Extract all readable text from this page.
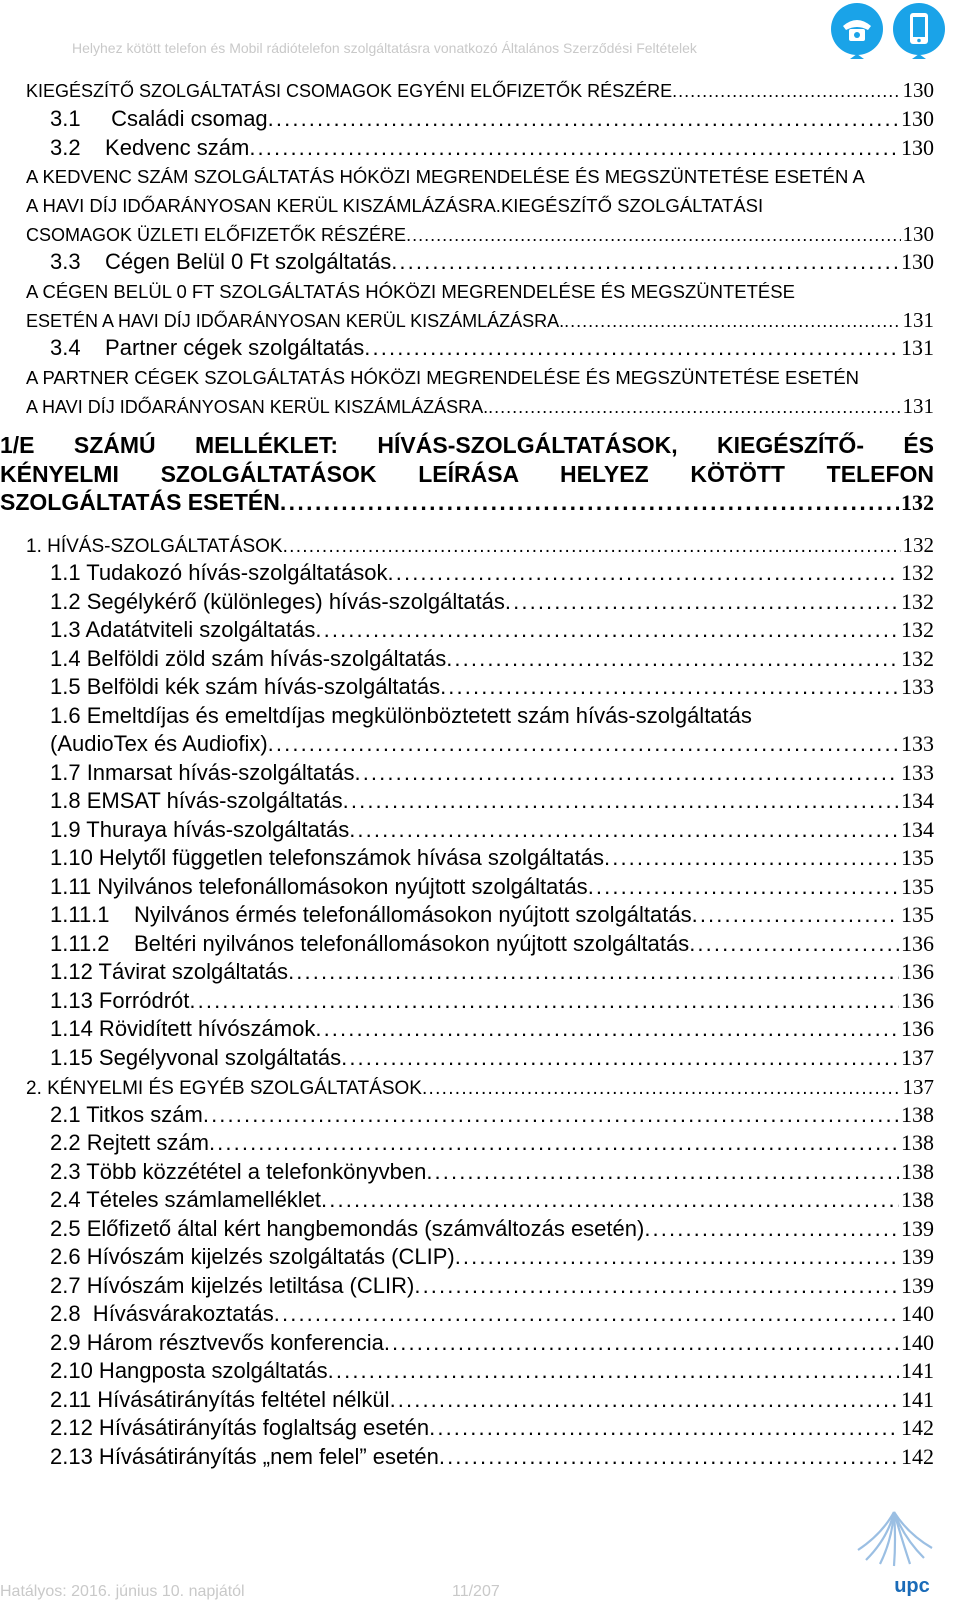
Helyhez kötött telefon és Mobil rádiótelefon szolgáltatásra vonatkozó Általános Szerződési Feltételek
KIEGÉSZÍTŐ SZOLGÁLTATÁSI CSOMAGOK EGYÉNI ELŐFIZETŐK RÉSZÉRE . . .	130
3.1     Családi csomag . . .	130
3.2    Kedvenc szám . . .	130
A KEDVENC SZÁM SZOLGÁLTATÁS HÓKÖZI MEGRENDELÉSE ÉS MEGSZÜNTETÉSE ESETÉN A
A HAVI DÍJ IDŐARÁNYOSAN KERÜL KISZÁMLÁZÁSRA.KIEGÉSZÍTŐ SZOLGÁLTATÁSI
CSOMAGOK ÜZLETI ELŐFIZETŐK RÉSZÉRE . . .	130
3.3    Cégen Belül 0 Ft szolgáltatás . . .	130
A CÉGEN BELÜL 0 FT SZOLGÁLTATÁS HÓKÖZI MEGRENDELÉSE ÉS MEGSZÜNTETÉSE
ESETÉN A HAVI DÍJ IDŐARÁNYOSAN KERÜL KISZÁMLÁZÁSRA. . . .	131
3.4    Partner cégek szolgáltatás . . .	131
A PARTNER CÉGEK SZOLGÁLTATÁS HÓKÖZI MEGRENDELÉSE ÉS MEGSZÜNTETÉSE ESETÉN
A HAVI DÍJ IDŐARÁNYOSAN KERÜL KISZÁMLÁZÁSRA. . . .	131
1/E SZÁMÚ MELLÉKLET: HÍVÁS-SZOLGÁLTATÁSOK, KIEGÉSZÍTŐ- ÉS
KÉNYELMI SZOLGÁLTATÁSOK LEÍRÁSA HELYEZ KÖTÖTT TELEFON
SZOLGÁLTATÁS ESETÉN . . .	132
1. HÍVÁS-SZOLGÁLTATÁSOK . . .	132
1.1 Tudakozó hívás-szolgáltatások . . .	132
1.2 Segélykérő (különleges) hívás-szolgáltatás . . .	132
1.3 Adatátviteli szolgáltatás . . .	132
1.4 Belföldi zöld szám hívás-szolgáltatás . . .	132
1.5 Belföldi kék szám hívás-szolgáltatás . . .	133
1.6 Emeltdíjas és emeltdíjas megkülönböztetett szám hívás-szolgáltatás
(AudioTex és Audiofix) . . .	133
1.7 Inmarsat hívás-szolgáltatás . . .	133
1.8 EMSAT hívás-szolgáltatás . . .	134
1.9 Thuraya hívás-szolgáltatás . . .	134
1.10 Helytől független telefonszámok hívása szolgáltatás . . .	135
1.11 Nyilvános telefonállomásokon nyújtott szolgáltatás . . .	135
1.11.1    Nyilvános érmés telefonállomásokon nyújtott szolgáltatás . . .	135
1.11.2    Beltéri nyilvános telefonállomásokon nyújtott szolgáltatás . . .	136
1.12 Távirat szolgáltatás . . .	136
1.13 Forródrót . . .	136
1.14 Rövidített hívószámok . . .	136
1.15 Segélyvonal szolgáltatás . . .	137
2. KÉNYELMI ÉS EGYÉB SZOLGÁLTATÁSOK . . .	137
2.1 Titkos szám . . .	138
2.2 Rejtett szám . . .	138
2.3 Több közzététel a telefonkönyvben . . .	138
2.4 Tételes számlamelléklet . . .	138
2.5 Előfizető által kért hangbemondás (számváltozás esetén) . . .	139
2.6 Hívószám kijelzés szolgáltatás (CLIP) . . .	139
2.7 Hívószám kijelzés letiltása (CLIR) . . .	139
2.8  Hívásvárakoztatás . . .	140
2.9 Három résztvevős konferencia . . .	140
2.10 Hangposta szolgáltatás . . .	141
2.11 Hívásátirányítás feltétel nélkül . . .	141
2.12 Hívásátirányítás foglaltság esetén . . .	142
2.13 Hívásátirányítás „nem felel” esetén . . .	142
upc
Hatályos: 2016. június 10. napjától	11/207
